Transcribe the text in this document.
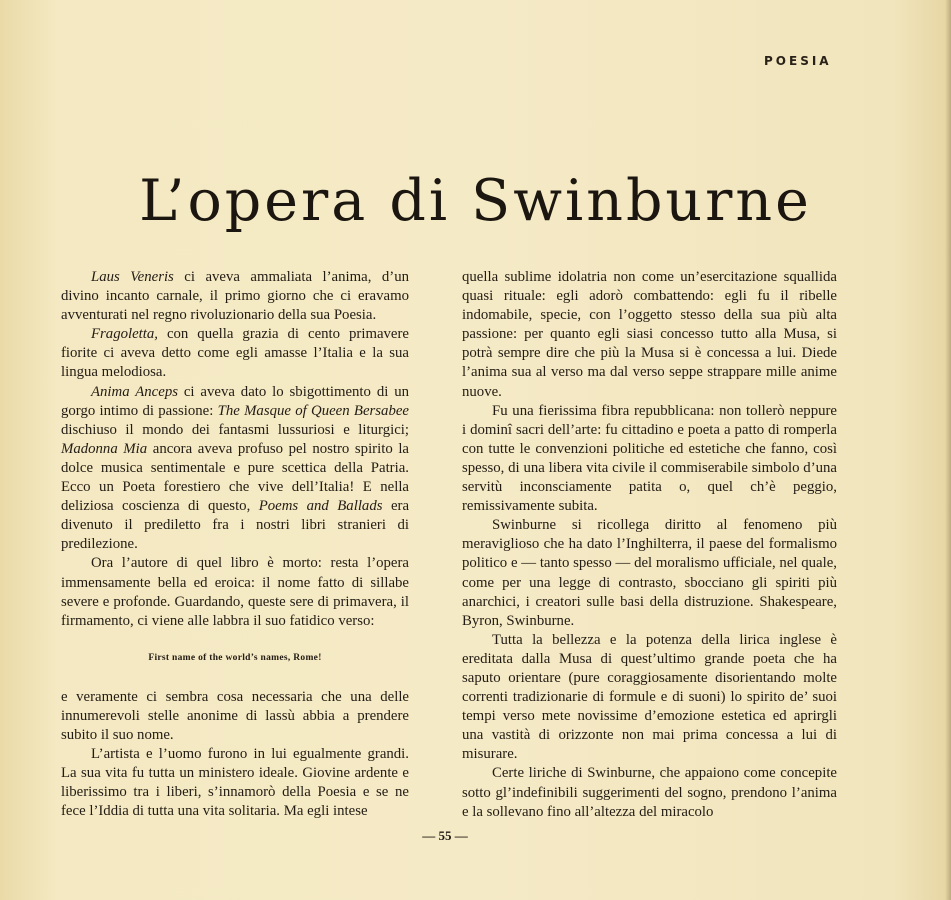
POESIA
L’opera di Swinburne

Laus Veneris ci aveva ammaliata l’anima, d’un divino incanto carnale, il primo giorno che ci eravamo avventurati nel regno rivoluzionario della sua Poesia.

Fragoletta, con quella grazia di cento primavere fiorite ci aveva detto come egli amasse l’Italia e la sua lingua melodiosa.

Anima Anceps ci aveva dato lo sbigottimento di un gorgo intimo di passione: The Masque of Queen Bersabee dischiuso il mondo dei fantasmi lussuriosi e liturgici; Madonna Mia ancora aveva profuso pel nostro spirito la dolce musica sentimentale e pure scettica della Patria. Ecco un Poeta forestiero che vive dell’Italia! E nella deliziosa coscienza di questo, Poems and Ballads era divenuto il prediletto fra i nostri libri stranieri di predilezione.

Ora l’autore di quel libro è morto: resta l’opera immensamente bella ed eroica: il nome fatto di sillabe severe e profonde. Guardando, queste sere di primavera, il firmamento, ci viene alle labbra il suo fatidico verso:

First name of the world’s names, Rome!

e veramente ci sembra cosa necessaria che una delle innumerevoli stelle anonime di lassù abbia a prendere subito il suo nome.

L’artista e l’uomo furono in lui egualmente grandi. La sua vita fu tutta un ministero ideale. Giovine ardente e liberissimo tra i liberi, s’innamorò della Poesia e se ne fece l’Iddia di tutta una vita solitaria. Ma egli intese

quella sublime idolatria non come un’esercitazione squallida quasi rituale: egli adorò combattendo: egli fu il ribelle indomabile, specie, con l’oggetto stesso della sua più alta passione: per quanto egli siasi concesso tutto alla Musa, si potrà sempre dire che più la Musa si è concessa a lui. Diede l’anima sua al verso ma dal verso seppe strappare mille anime nuove.

Fu una fierissima fibra repubblicana: non tollerò neppure i dominî sacri dell’arte: fu cittadino e poeta a patto di romperla con tutte le convenzioni politiche ed estetiche che fanno, così spesso, di una libera vita civile il commiserabile simbolo d’una servitù inconsciamente patita o, quel ch’è peggio, remissivamente subita.

Swinburne si ricollega diritto al fenomeno più meraviglioso che ha dato l’Inghilterra, il paese del formalismo politico e — tanto spesso — del moralismo ufficiale, nel quale, come per una legge di contrasto, sbocciano gli spiriti più anarchici, i creatori sulle basi della distruzione. Shakespeare, Byron, Swinburne.

Tutta la bellezza e la potenza della lirica inglese è ereditata dalla Musa di quest’ultimo grande poeta che ha saputo orientare (pure coraggiosamente disorientando molte correnti tradizionarie di formule e di suoni) lo spirito de’ suoi tempi verso mete novissime d’emozione estetica ed aprirgli una vastità di orizzonte non mai prima concessa a lui di misurare.

Certe liriche di Swinburne, che appaiono come concepite sotto gl’indefinibili suggerimenti del sogno, prendono l’anima e la sollevano fino all’altezza del miracolo

— 55 —
